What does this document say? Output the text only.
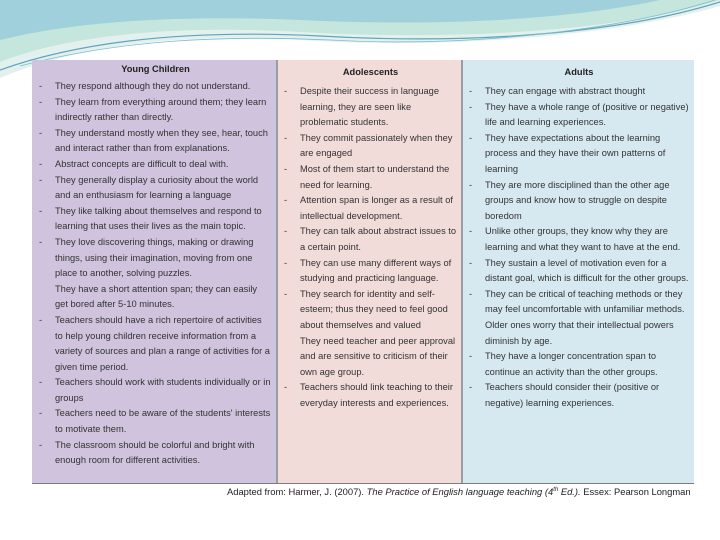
Young Children
- They respond although they do not understand.
- They learn from everything around them; they learn indirectly rather than directly.
- They understand mostly when they see, hear, touch and interact rather than from explanations.
- Abstract concepts are difficult to deal with.
- They generally display a curiosity about the world and an enthusiasm for learning a language
- They like talking about themselves and respond to learning that uses their lives as the main topic.
- They love discovering things, making or drawing things, using their imagination, moving from one place to another, solving puzzles.
They have a short attention span; they can easily get bored after 5-10 minutes.
- Teachers should have a rich repertoire of activities to help young children receive information from a variety of sources and plan a range of activities for a given time period.
- Teachers should work with students individually or in groups
- Teachers need to be aware of the students' interests to motivate them.
- The classroom should be colorful and bright with enough room for different activities.
Adolescents
- Despite their success in language learning, they are seen like problematic students.
- They commit passionately when they are engaged
- Most of them start to understand the need for learning.
- Attention span is longer as a result of intellectual development.
- They can talk about abstract issues to a certain point.
- They can use many different ways of studying and practicing language.
- They search for identity and self-esteem; thus they need to feel good about themselves and valued
They need teacher and peer approval and are sensitive to criticism of their own age group.
- Teachers should link teaching to their everyday interests and experiences.
Adults
- They can engage with abstract thought
- They have a whole range of (positive or negative) life and learning experiences.
- They have expectations about the learning process and they have their own patterns of learning
- They are more disciplined than the other age groups and know how to struggle on despite boredom
- Unlike other groups, they know why they are learning and what they want to have at the end.
- They sustain a level of motivation even for a distant goal, which is difficult for the other groups.
- They can be critical of teaching methods or they may feel uncomfortable with unfamiliar methods.
Older ones worry that their intellectual powers diminish by age.
- They have a longer concentration span to continue an activity than the other groups.
- Teachers should consider their (positive or negative) learning experiences.
Adapted from: Harmer, J. (2007). The Practice of English language teaching (4th Ed.). Essex: Pearson Longman
